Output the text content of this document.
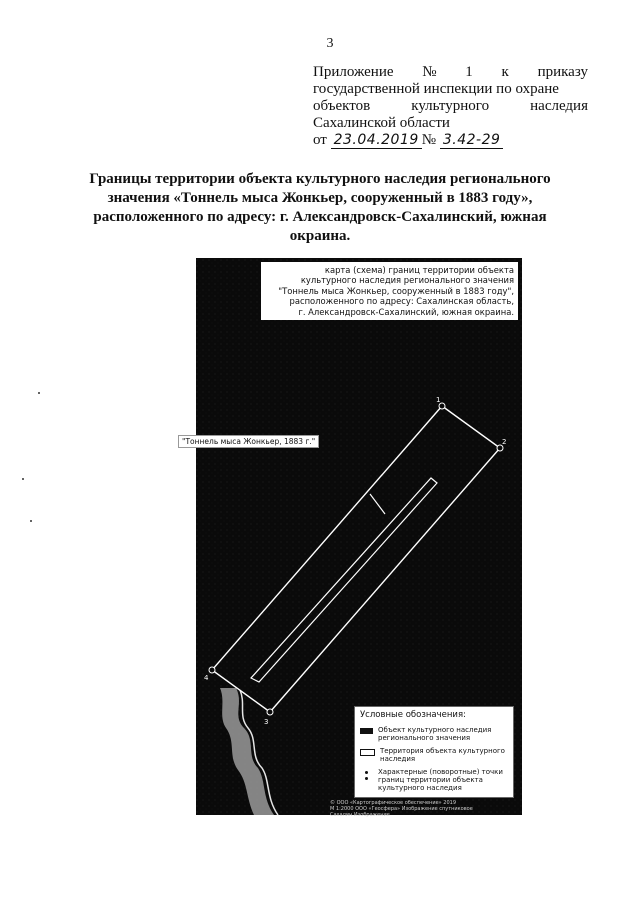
3
Приложение № 1 к приказу
государственной инспекции по охране
объектов	культурного	наследия
Сахалинской области
от 23.04.2019 № 3.42-29
Границы территории объекта культурного наследия регионального
значения «Тоннель мыса Жонкьер, сооруженный в 1883 году»,
расположенного по адресу: г. Александровск-Сахалинский, южная
окраина.
1
2
3
4
карта (схема) границ территории объекта
культурного наследия регионального значения
"Тоннель мыса Жонкьер, сооруженный в 1883 году",
расположенного по адресу: Сахалинская область,
г. Александровск-Сахалинский, южная окраина.
"Тоннель мыса Жонкьер, 1883 г."
Условные обозначения:
Объект культурного наследия
регионального значения
Территория объекта культурного
наследия
Характерные (поворотные) точки
границ территории объекта
культурного наследия
© ООО «Картографическое обеспечение» 2019
М 1:2000 ООО «Геосфера» Изображение спутниковое
Сахалин Изображение
